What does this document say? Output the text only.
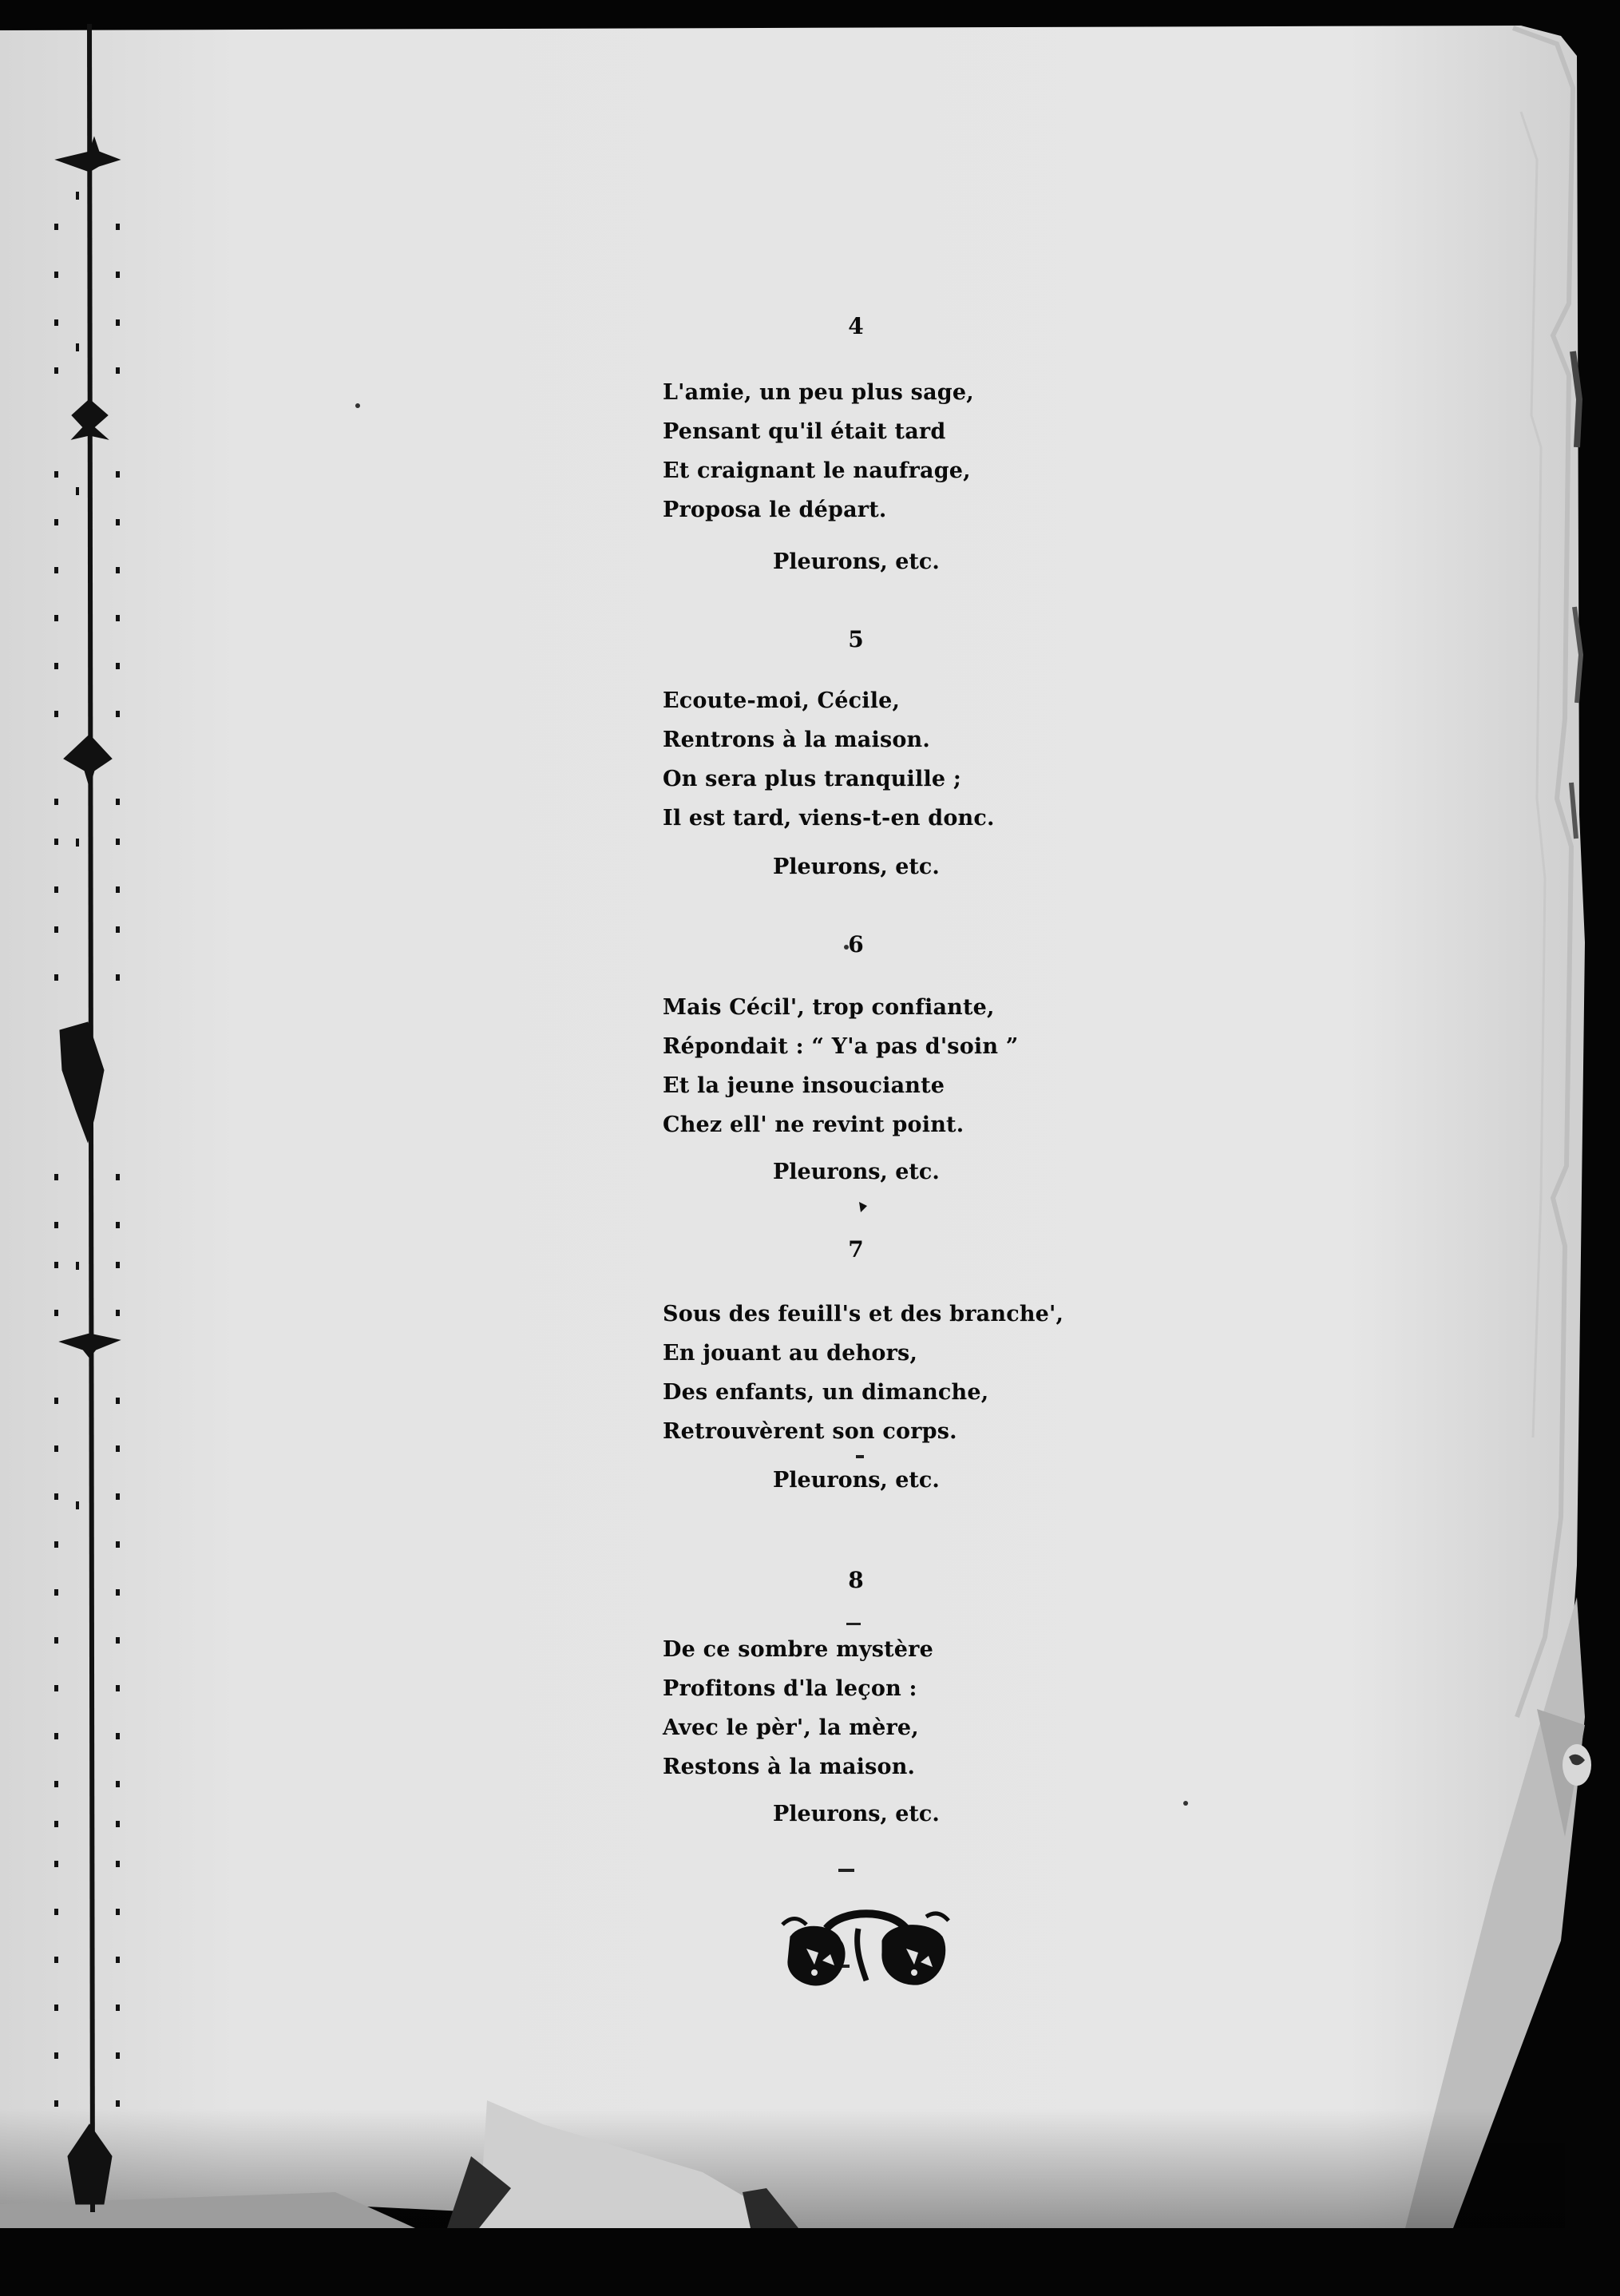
4
L'amie, un peu plus sage,
Pensant qu'il était tard
Et craignant le naufrage,
Proposa le départ.
Pleurons, etc.
5
Ecoute-moi, Cécile,
Rentrons à la maison.
On sera plus tranquille ;
Il est tard, viens-t-en donc.
Pleurons, etc.
6
Mais Cécil', trop confiante,
Répondait : “ Y'a pas d'soin ”
Et la jeune insouciante
Chez ell' ne revint point.
Pleurons, etc.
7
Sous des feuill's et des branche',
En jouant au dehors,
Des enfants, un dimanche,
Retrouvèrent son corps.
Pleurons, etc.
8
De ce sombre mystère
Profitons d'la leçon :
Avec le pèr', la mère,
Restons à la maison.
Pleurons, etc.
